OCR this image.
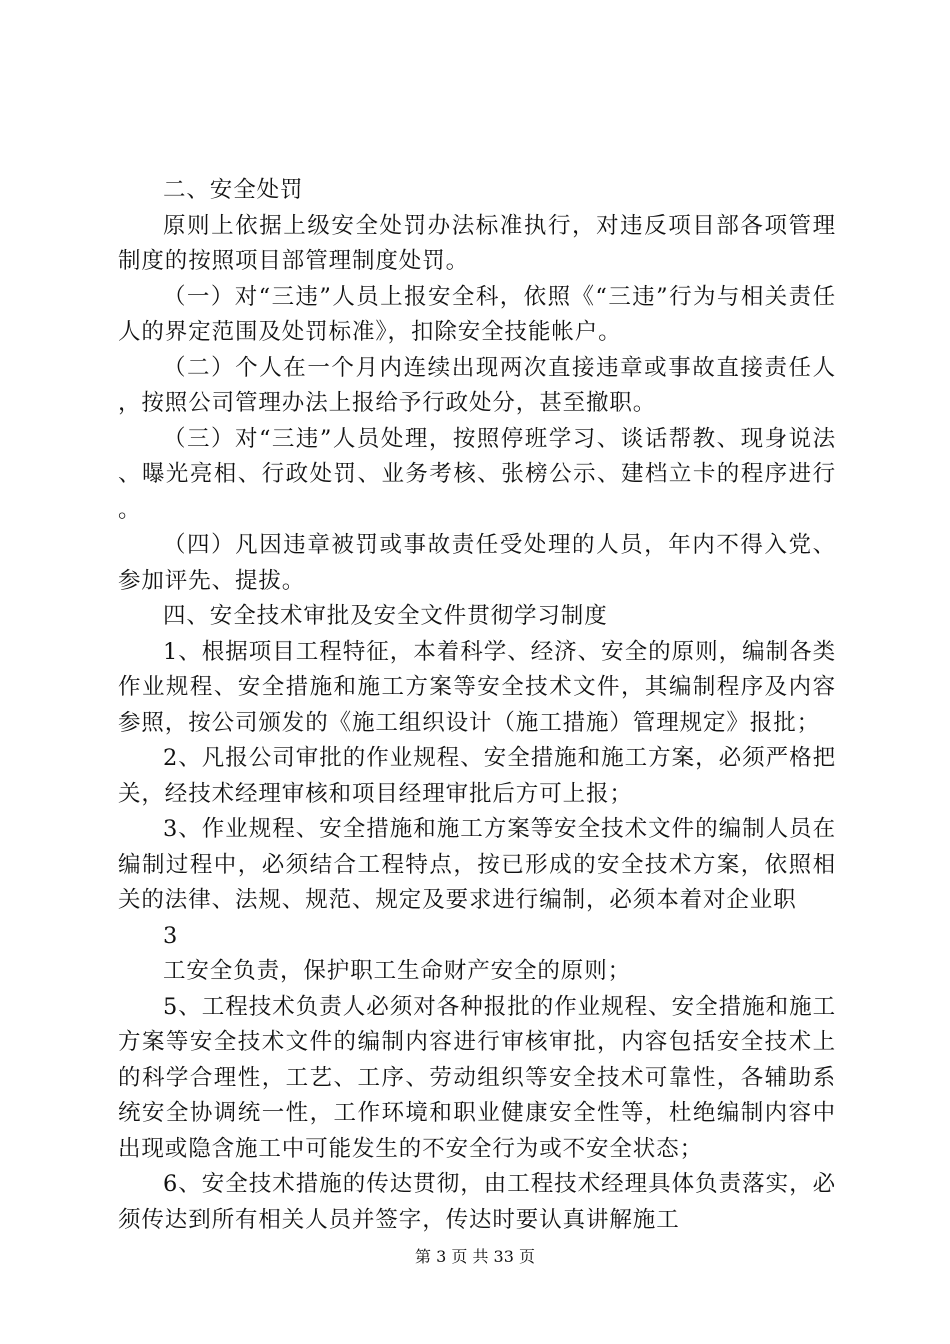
二、安全处罚

原则上依据上级安全处罚办法标准执行，对违反项目部各项管理制度的按照项目部管理制度处罚。

（一）对“三违”人员上报安全科，依照《“三违”行为与相关责任人的界定范围及处罚标准》，扣除安全技能帐户。

（二）个人在一个月内连续出现两次直接违章或事故直接责任人，按照公司管理办法上报给予行政处分，甚至撤职。

（三）对“三违”人员处理，按照停班学习、谈话帮教、现身说法、曝光亮相、行政处罚、业务考核、张榜公示、建档立卡的程序进行。

（四）凡因违章被罚或事故责任受处理的人员，年内不得入党、参加评先、提拔。

四、安全技术审批及安全文件贯彻学习制度

1、根据项目工程特征，本着科学、经济、安全的原则，编制各类作业规程、安全措施和施工方案等安全技术文件，其编制程序及内容参照，按公司颁发的《施工组织设计（施工措施）管理规定》报批；

2、凡报公司审批的作业规程、安全措施和施工方案，必须严格把关，经技术经理审核和项目经理审批后方可上报；

3、作业规程、安全措施和施工方案等安全技术文件的编制人员在编制过程中，必须结合工程特点，按已形成的安全技术方案，依照相关的法律、法规、规范、规定及要求进行编制，必须本着对企业职

3

工安全负责，保护职工生命财产安全的原则；

5、工程技术负责人必须对各种报批的作业规程、安全措施和施工方案等安全技术文件的编制内容进行审核审批，内容包括安全技术上的科学合理性，工艺、工序、劳动组织等安全技术可靠性，各辅助系统安全协调统一性，工作环境和职业健康安全性等，杜绝编制内容中出现或隐含施工中可能发生的不安全行为或不安全状态；

6、安全技术措施的传达贯彻，由工程技术经理具体负责落实，必须传达到所有相关人员并签字，传达时要认真讲解施工

第 3 页 共 33 页
